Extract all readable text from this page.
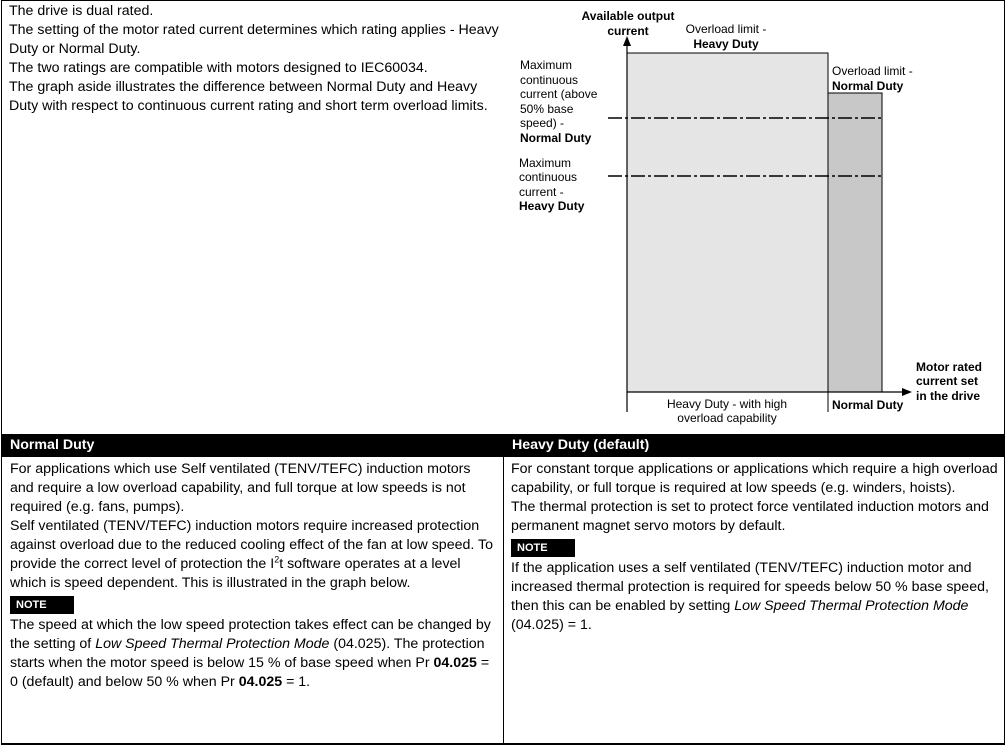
The drive is dual rated.

The setting of the motor rated current determines which rating applies - Heavy Duty or Normal Duty.

The two ratings are compatible with motors designed to IEC60034.

The graph aside illustrates the difference between Normal Duty and Heavy Duty with respect to continuous current rating and short term overload limits.

Available output
current	Overload limit -
Heavy Duty
Overload limit -
Normal Duty
Maximum
continuous
current (above
50% base
speed) -
Normal Duty
Maximum
continuous
current -
Heavy Duty
Motor rated
current set
in the drive
Heavy Duty - with high
overload capability
Normal Duty
Normal Duty	Heavy Duty (default)

For applications which use Self ventilated (TENV/TEFC) induction motors and require a low overload capability, and full torque at low speeds is not required (e.g. fans, pumps).

Self ventilated (TENV/TEFC) induction motors require increased protection against overload due to the reduced cooling effect of the fan at low speed. To provide the correct level of protection the $I^2t$ software operates at a level which is speed dependent. This is illustrated in the graph below.

NOTE

The speed at which the low speed protection takes effect can be changed by the setting of Low Speed Thermal Protection Mode (04.025). The protection starts when the motor speed is below 15 % of base speed when Pr 04.025 = 0 (default) and below 50 % when Pr 04.025 = 1.

For constant torque applications or applications which require a high overload capability, or full torque is required at low speeds (e.g. winders, hoists).

The thermal protection is set to protect force ventilated induction motors and permanent magnet servo motors by default.

NOTE

If the application uses a self ventilated (TENV/TEFC) induction motor and increased thermal protection is required for speeds below 50 % base speed, then this can be enabled by setting Low Speed Thermal Protection Mode (04.025) = 1.
